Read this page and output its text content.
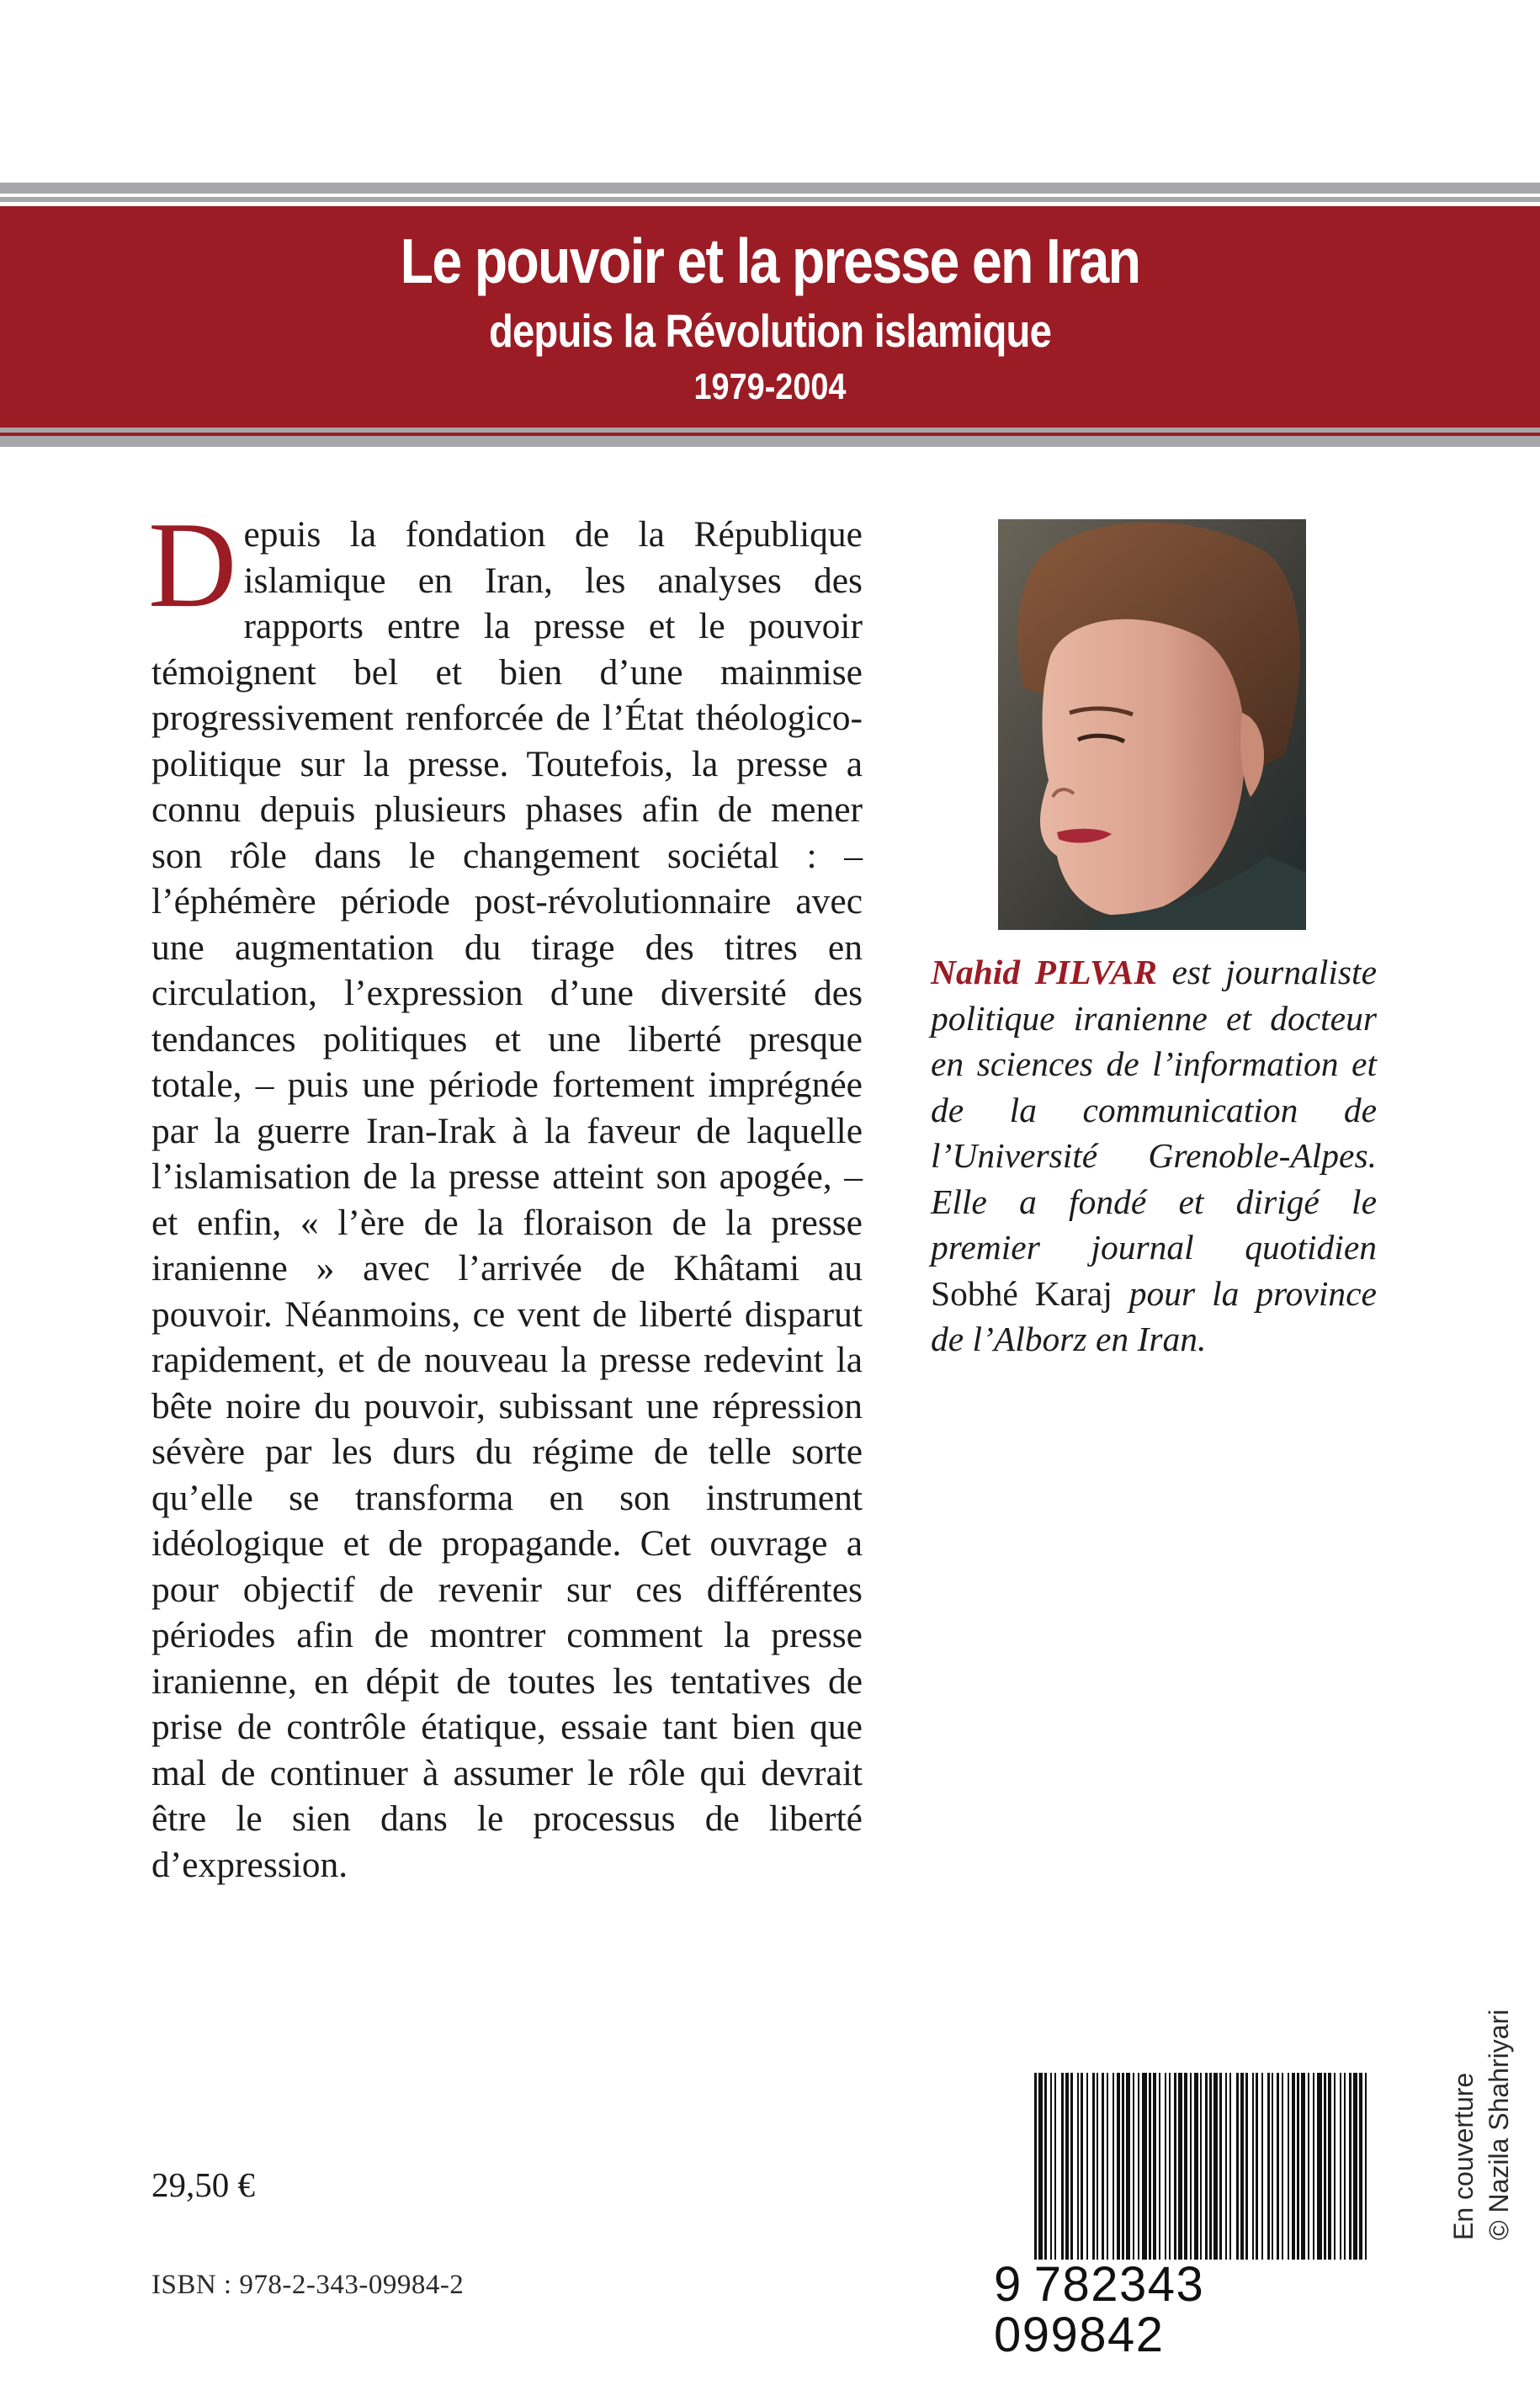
Le pouvoir et la presse en Iran
depuis la Révolution islamique
1979-2004
Depuis la fondation de la République islamique en Iran, les analyses des rapports entre la presse et le pouvoir témoignent bel et bien d’une mainmise progressivement renforcée de l’État théologico-politique sur la presse. Toutefois, la presse a connu depuis plusieurs phases afin de mener son rôle dans le changement sociétal : – l’éphémère période post-révolutionnaire avec une augmentation du tirage des titres en circulation, l’expression d’une diversité des tendances politiques et une liberté presque totale, – puis une période fortement imprégnée par la guerre Iran-Irak à la faveur de laquelle l’islamisation de la presse atteint son apogée, – et enfin, « l’ère de la floraison de la presse iranienne » avec l’arrivée de Khâtami au pouvoir. Néanmoins, ce vent de liberté disparut rapidement, et de nouveau la presse redevint la bête noire du pouvoir, subissant une répression sévère par les durs du régime de telle sorte qu’elle se transforma en son instrument idéologique et de propagande. Cet ouvrage a pour objectif de revenir sur ces différentes périodes afin de montrer comment la presse iranienne, en dépit de toutes les tentatives de prise de contrôle étatique, essaie tant bien que mal de continuer à assumer le rôle qui devrait être le sien dans le processus de liberté d’expression.
Nahid PILVAR est journaliste politique iranienne et docteur en sciences de l’information et de la communication de l’Université Grenoble-Alpes. Elle a fondé et dirigé le premier journal quotidien Sobhé Karaj pour la province de l’Alborz en Iran.
En couverture © Nazila Shahriyari
29,50 €
ISBN : 978-2-343-09984-2	9 782343099842
